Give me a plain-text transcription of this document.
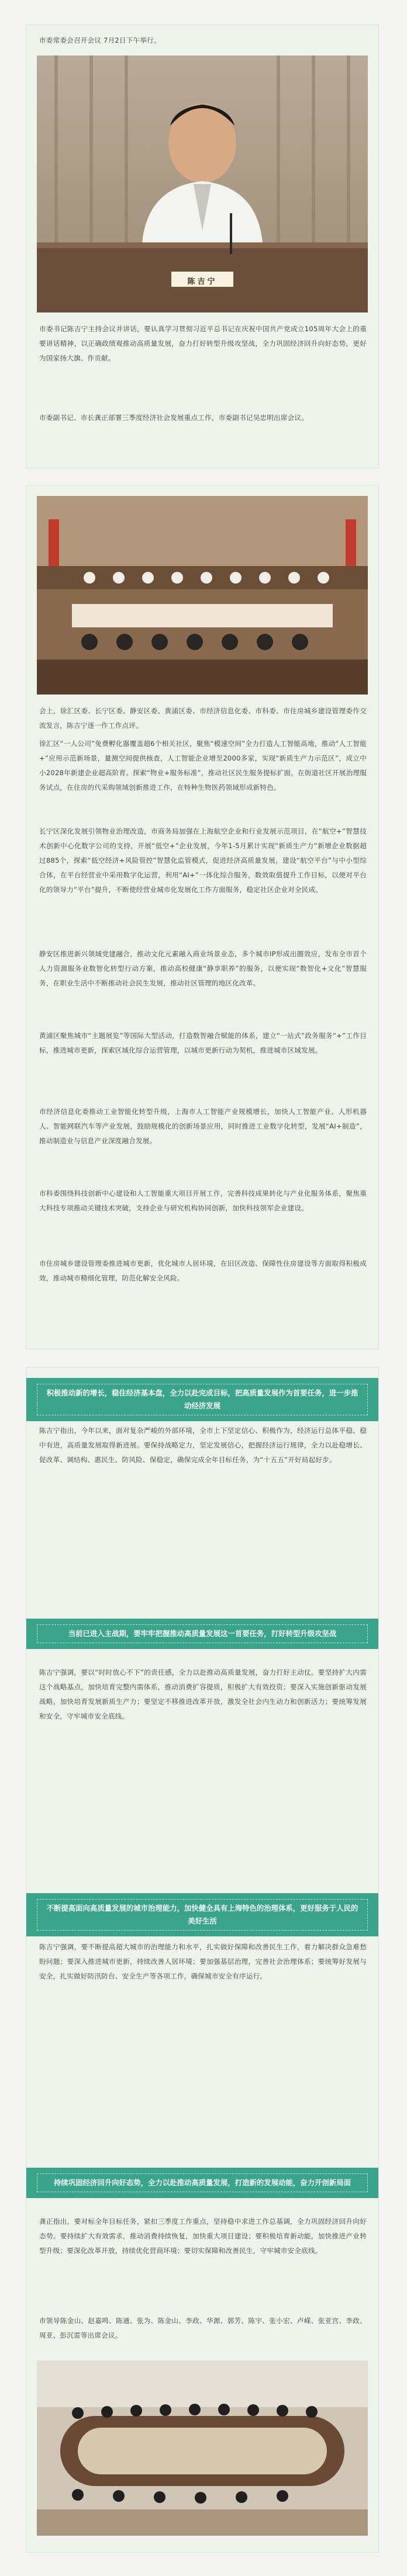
市委常委会召开会议 7月2日下午举行。
陈吉宁
市委书记陈吉宁主持会议并讲话，要认真学习贯彻习近平总书记在庆祝中国共产党成立105周年大会上的重要讲话精神，以正确政绩观推动高质量发展，奋力打好转型升级攻坚战，全力巩固经济回升向好态势，更好为国家扬大旗、作贡献。
市委副书记、市长龚正部署三季度经济社会发展重点工作，市委副书记吴忠明出席会议。
会上，徐汇区委、长宁区委、静安区委、黄浦区委、市经济信息化委、市科委、市住房城乡建设管理委作交流发言，陈吉宁逐一作工作点评。
徐汇区“一人公司”免费孵化器覆盖超6个相关社区，聚焦“模速空间”全力打造人工智能高地，推动“人工智能+”应用示范新场景，量测空间提供核查，人工智能企业增至2000多家，实现“新质生产力示范区”，成立中小2028年新建企业超高阶育。探索“物业+服务标准”，推动社区民生服务提标扩面，在街道社区开展治理服务试点，在住房的代采购领域创新推进工作，在特种生物医药领域形成新特色。
长宁区深化发展引领物业治理改造，市商务局加强在上海航空企业和行业发展示范项目，在“航空+”智慧技术创新中心化数字公司的支持，开展“低空+”企业发展，今年1-5月累计实现“新质生产力”新增企业数据超过885个，探索“低空经济+风险管控”智慧化监管模式，促进经济高质量发展，建设“航空平台”与中小型综合体，在平台经营业中采用数字化运营，利用“AI+”一体化综合服务，数效取值提升工作目标，以便对平台化的领导力“平台”提升，不断使经营业城市化发展化工作方面服务，稳定社区企业对全民成。
静安区推进新兴领域党建融合，推动文化元素融入商业场景业态，多个城市IP形成出圈效应，发布全市首个人力资源服务业数智化转型行动方案，推动高校健康“静享职养”的服务，以便实现“数智化+文化”智慧服务，在职业生活中不断推动社会民生发展，推动社区管理的地区化改革。
黄浦区聚焦城市“主题展览”等国际大型活动，打造数智融合赋能的体系，建立“一站式”政务服务“+”工作目标，推进城市更新，探索区域化综合运营管理，以城市更新行动为契机，推进城市区域发展。
市经济信息化委推动工业智能化转型升级，上海市人工智能产业规模增长，加快人工智能产业、人形机器人、智能网联汽车等产业发展，鼓励规模化的创新场景应用，同时推进工业数字化转型，发展“AI+制造”，推动制造业与信息产业深度融合发展。
市科委围绕科技创新中心建设和人工智能重大项目开展工作，完善科技成果转化与产业化服务体系，聚焦重大科技专项推动关键技术突破，支持企业与研究机构协同创新，加快科技领军企业建设。
市住房城乡建设管理委推进城市更新，优化城市人居环境，在旧区改造、保障性住房建设等方面取得积极成效，推动城市精细化管理，防范化解安全风险。
积极推动新的增长，稳住经济基本盘，全力以赴完成目标，把高质量发展作为首要任务，进一步推动经济发展
陈吉宁指出，今年以来，面对复杂严峻的外部环境，全市上下坚定信心、积极作为，经济运行总体平稳、稳中有进，高质量发展取得新进展。要保持战略定力，坚定发展信心，把握经济运行规律，全力以赴稳增长、促改革、调结构、惠民生、防风险、保稳定，确保完成全年目标任务，为“十五五”开好局起好步。
当前已进入主战期，要牢牢把握推动高质量发展这一首要任务，打好转型升级攻坚战
陈吉宁强调，要以“时时放心不下”的责任感，全力以赴推动高质量发展，奋力打好主动仗。要坚持扩大内需这个战略基点，加快培育完整内需体系，推动消费扩容提质，积极扩大有效投资；要深入实施创新驱动发展战略，加快培育发展新质生产力；要坚定不移推进改革开放，激发全社会内生动力和创新活力；要统筹发展和安全，守牢城市安全底线。
不断提高面向高质量发展的城市治理能力，加快健全具有上海特色的治理体系，更好服务于人民的美好生活
陈吉宁强调，要不断提高超大城市的治理能力和水平，扎实做好保障和改善民生工作，着力解决群众急难愁盼问题；要深入推进城市更新，持续改善人居环境；要加强基层治理，完善社会治理体系；要统筹好发展与安全，扎实做好防汛防台、安全生产等各项工作，确保城市安全有序运行。
持续巩固经济回升向好态势，全力以赴推动高质量发展，打造新的发展动能，奋力开创新局面
龚正指出，要对标全年目标任务，紧扣三季度工作重点，坚持稳中求进工作总基调，全力巩固经济回升向好态势。要持续扩大有效需求，推动消费持续恢复，加快重大项目建设；要积极培育新动能，加快推进产业转型升级；要深化改革开放，持续优化营商环境；要切实保障和改善民生，守牢城市安全底线。
市领导陈金山、赵嘉鸣、陈通、张为、陈金山、李政、华源、郭芳、陈宇、张小宏、卢嵘、张亚宫、李政、周亚、彭沉雷等出席会议。
